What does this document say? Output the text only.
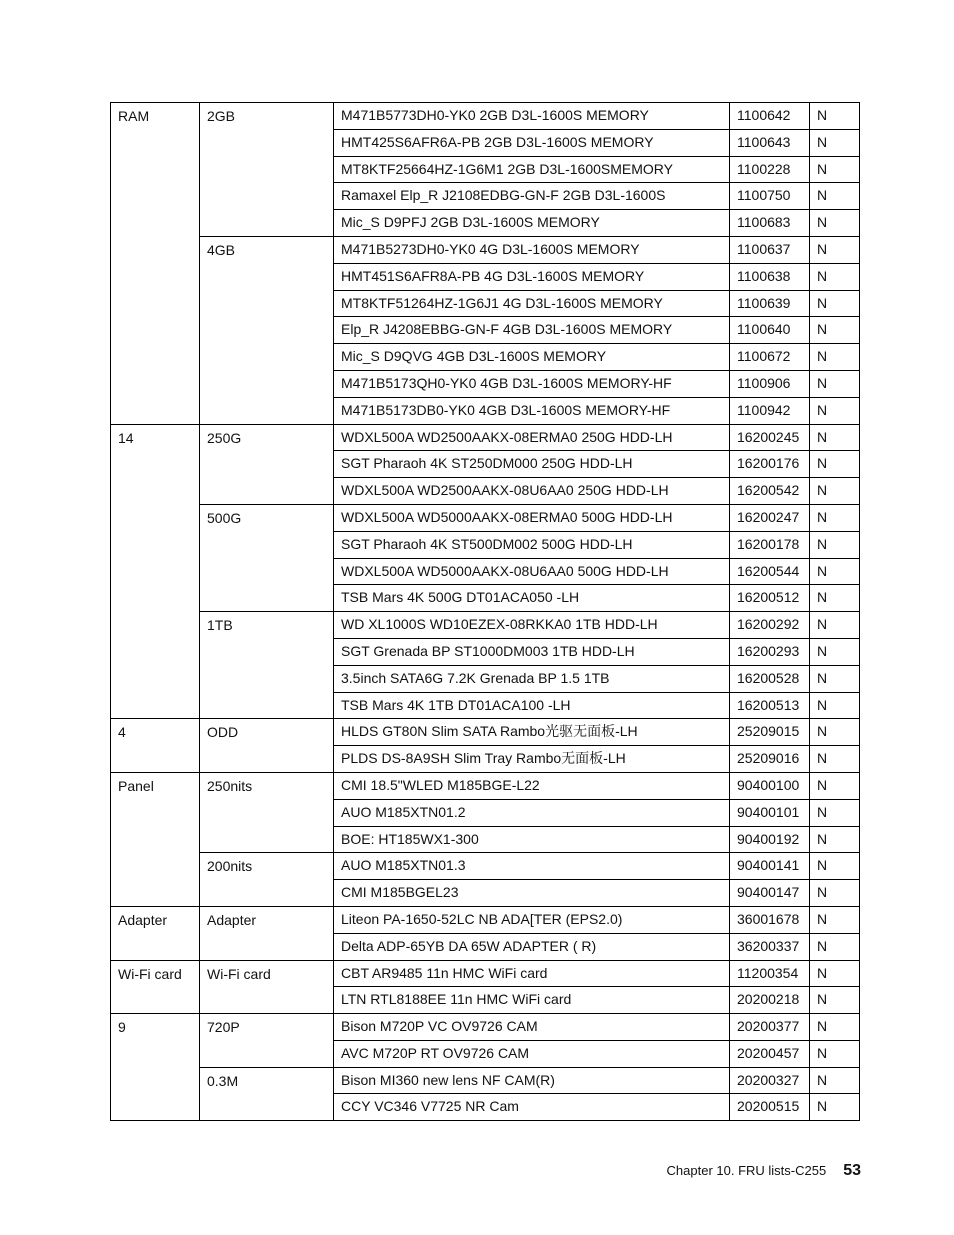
RAM	2GB	M471B5773DH0-YK0 2GB D3L-1600S MEMORY	1100642	N
		HMT425S6AFR6A-PB 2GB D3L-1600S MEMORY	1100643	N
		MT8KTF25664HZ-1G6M1 2GB D3L-1600SMEMORY	1100228	N
		Ramaxel Elp_R J2108EDBG-GN-F 2GB D3L-1600S	1100750	N
		Mic_S D9PFJ 2GB D3L-1600S MEMORY	1100683	N
	4GB	M471B5273DH0-YK0 4G D3L-1600S MEMORY	1100637	N
		HMT451S6AFR8A-PB 4G D3L-1600S MEMORY	1100638	N
		MT8KTF51264HZ-1G6J1 4G D3L-1600S MEMORY	1100639	N
		Elp_R J4208EBBG-GN-F 4GB D3L-1600S MEMORY	1100640	N
		Mic_S D9QVG 4GB D3L-1600S MEMORY	1100672	N
		M471B5173QH0-YK0 4GB D3L-1600S MEMORY-HF	1100906	N
		M471B5173DB0-YK0 4GB D3L-1600S MEMORY-HF	1100942	N
14	250G	WDXL500A WD2500AAKX-08ERMA0 250G HDD-LH	16200245	N
		SGT Pharaoh 4K ST250DM000 250G HDD-LH	16200176	N
		WDXL500A WD2500AAKX-08U6AA0 250G HDD-LH	16200542	N
	500G	WDXL500A WD5000AAKX-08ERMA0 500G HDD-LH	16200247	N
		SGT Pharaoh 4K ST500DM002 500G HDD-LH	16200178	N
		WDXL500A WD5000AAKX-08U6AA0 500G HDD-LH	16200544	N
		TSB Mars 4K 500G DT01ACA050 -LH	16200512	N
	1TB	WD XL1000S WD10EZEX-08RKKA0 1TB HDD-LH	16200292	N
		SGT Grenada BP ST1000DM003 1TB HDD-LH	16200293	N
		3.5inch SATA6G 7.2K Grenada BP 1.5 1TB	16200528	N
		TSB Mars 4K 1TB DT01ACA100 -LH	16200513	N
4	ODD	HLDS GT80N Slim SATA Rambo光驱无面板-LH	25209015	N
		PLDS DS-8A9SH Slim Tray Rambo无面板-LH	25209016	N
Panel	250nits	CMI 18.5"WLED M185BGE-L22	90400100	N
		AUO M185XTN01.2	90400101	N
		BOE: HT185WX1-300	90400192	N
	200nits	AUO M185XTN01.3	90400141	N
		CMI M185BGEL23	90400147	N
Adapter	Adapter	Liteon PA-1650-52LC NB ADA[TER (EPS2.0)	36001678	N
		Delta ADP-65YB DA 65W ADAPTER ( R)	36200337	N
Wi-Fi card	Wi-Fi card	CBT AR9485 11n HMC WiFi card	11200354	N
		LTN RTL8188EE 11n HMC WiFi card	20200218	N
9	720P	Bison M720P VC OV9726 CAM	20200377	N
		AVC M720P RT OV9726 CAM	20200457	N
	0.3M	Bison MI360 new lens NF CAM(R)	20200327	N
		CCY VC346 V7725 NR Cam	20200515	N
Chapter 10. FRU lists-C255 53
